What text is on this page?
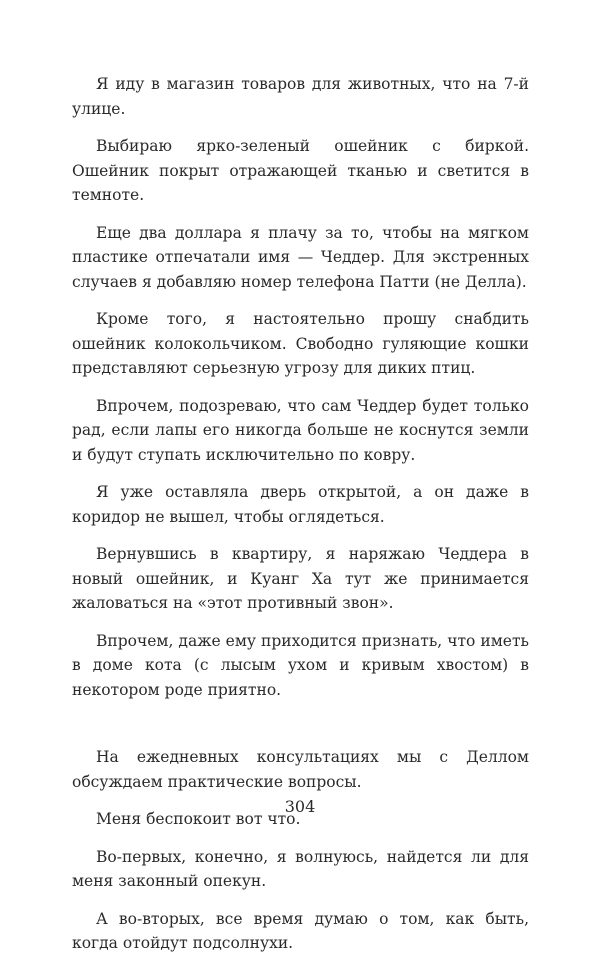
Я иду в магазин товаров для животных, что на 7-й улице.

Выбираю ярко-зеленый ошейник с биркой. Ошейник покрыт отражающей тканью и светится в темноте.

Еще два доллара я плачу за то, чтобы на мягком пластике отпечатали имя — Чеддер. Для экстренных случаев я добавляю номер телефона Патти (не Делла).

Кроме того, я настоятельно прошу снабдить ошейник колокольчиком. Свободно гуляющие кошки представляют серьезную угрозу для диких птиц.

Впрочем, подозреваю, что сам Чеддер будет только рад, если лапы его никогда больше не коснутся земли и будут ступать исключительно по ковру.

Я уже оставляла дверь открытой, а он даже в коридор не вышел, чтобы оглядеться.

Вернувшись в квартиру, я наряжаю Чеддера в новый ошейник, и Куанг Ха тут же принимается жаловаться на «этот противный звон».

Впрочем, даже ему приходится признать, что иметь в доме кота (с лысым ухом и кривым хвостом) в некотором роде приятно.

На ежедневных консультациях мы с Деллом обсуждаем практические вопросы.

Меня беспокоит вот что.

Во-первых, конечно, я волнуюсь, найдется ли для меня законный опекун.

А во-вторых, все время думаю о том, как быть, когда отойдут подсолнухи.

304
